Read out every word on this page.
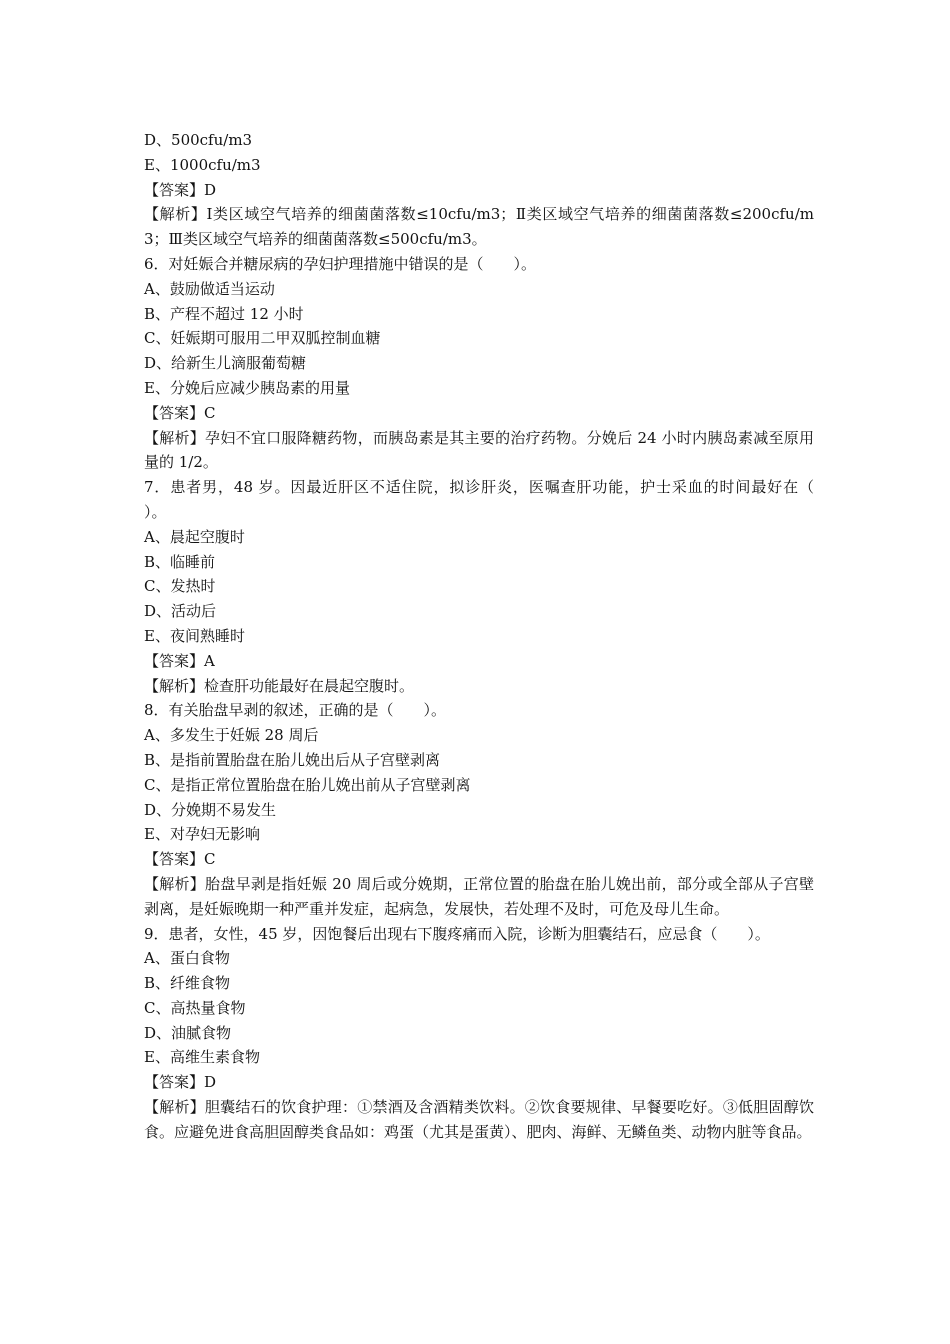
D、500cfu/m3
E、1000cfu/m3
【答案】D
【解析】Ⅰ类区域空气培养的细菌菌落数≤10cfu/m3；Ⅱ类区域空气培养的细菌菌落数≤200cfu/m3；Ⅲ类区域空气培养的细菌菌落数≤500cfu/m3。
6．对妊娠合并糖尿病的孕妇护理措施中错误的是（　　）。
A、鼓励做适当运动
B、产程不超过 12 小时
C、妊娠期可服用二甲双胍控制血糖
D、给新生儿滴服葡萄糖
E、分娩后应减少胰岛素的用量
【答案】C
【解析】孕妇不宜口服降糖药物，而胰岛素是其主要的治疗药物。分娩后 24 小时内胰岛素减至原用量的 1/2。
7．患者男，48 岁。因最近肝区不适住院，拟诊肝炎，医嘱查肝功能，护士采血的时间最好在（　　）。
A、晨起空腹时
B、临睡前
C、发热时
D、活动后
E、夜间熟睡时
【答案】A
【解析】检查肝功能最好在晨起空腹时。
8．有关胎盘早剥的叙述，正确的是（　　）。
A、多发生于妊娠 28 周后
B、是指前置胎盘在胎儿娩出后从子宫壁剥离
C、是指正常位置胎盘在胎儿娩出前从子宫壁剥离
D、分娩期不易发生
E、对孕妇无影响
【答案】C
【解析】胎盘早剥是指妊娠 20 周后或分娩期，正常位置的胎盘在胎儿娩出前，部分或全部从子宫壁剥离，是妊娠晚期一种严重并发症，起病急，发展快，若处理不及时，可危及母儿生命。
9．患者，女性，45 岁，因饱餐后出现右下腹疼痛而入院，诊断为胆囊结石，应忌食（　　）。
A、蛋白食物
B、纤维食物
C、高热量食物
D、油腻食物
E、高维生素食物
【答案】D
【解析】胆囊结石的饮食护理：①禁酒及含酒精类饮料。②饮食要规律、早餐要吃好。③低胆固醇饮食。应避免进食高胆固醇类食品如：鸡蛋（尤其是蛋黄）、肥肉、海鲜、无鳞鱼类、动物内脏等食品。
